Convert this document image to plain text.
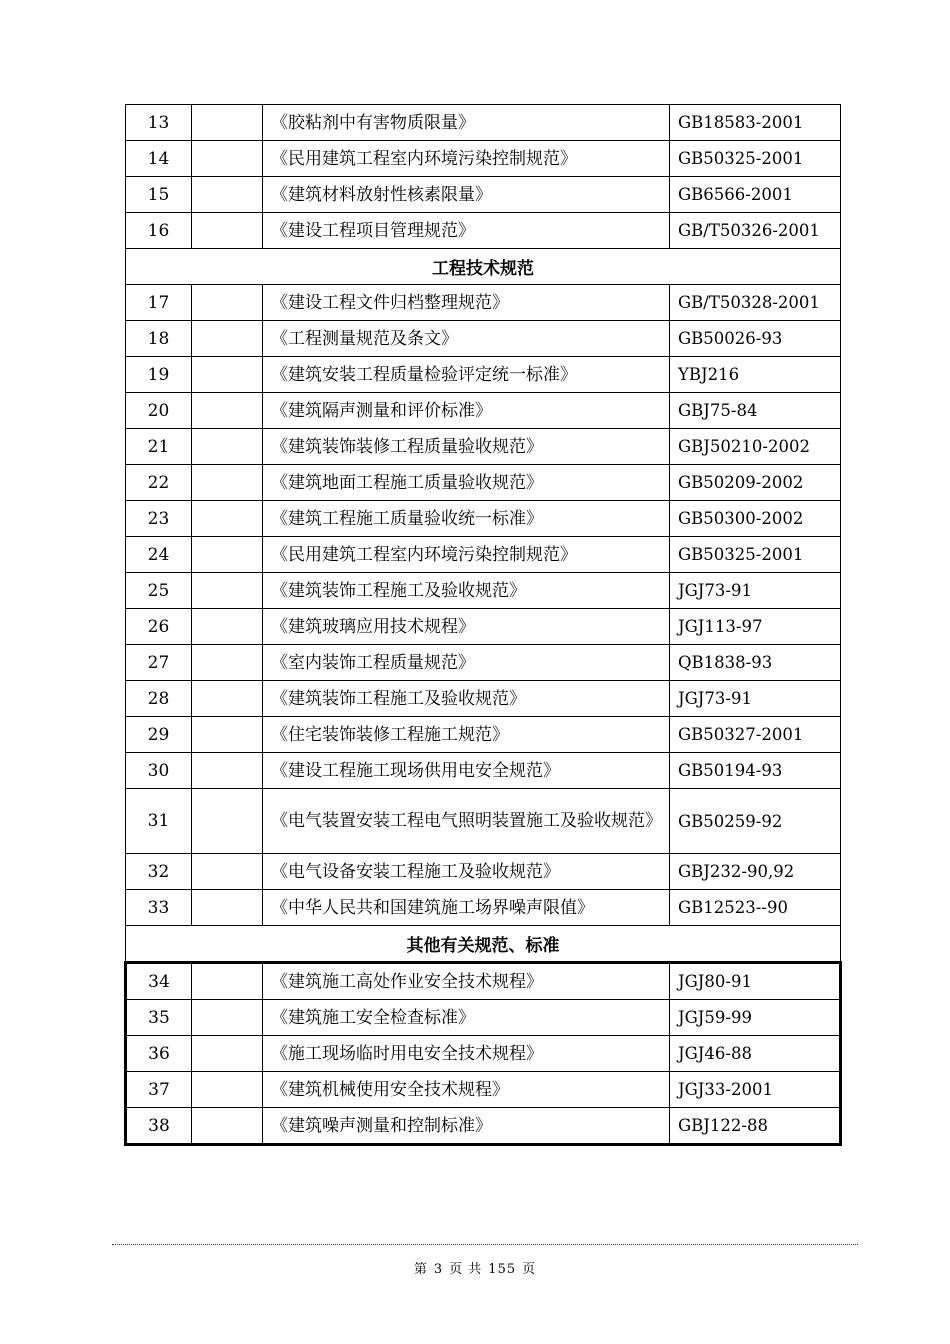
13		《胶粘剂中有害物质限量》	GB18583-2001
14		《民用建筑工程室内环境污染控制规范》	GB50325-2001
15		《建筑材料放射性核素限量》	GB6566-2001
16		《建设工程项目管理规范》	GB/T50326-2001
工程技术规范			
17		《建设工程文件归档整理规范》	GB/T50328-2001
18		《工程测量规范及条文》	GB50026-93
19		《建筑安装工程质量检验评定统一标准》	YBJ216
20		《建筑隔声测量和评价标准》	GBJ75-84
21		《建筑装饰装修工程质量验收规范》	GBJ50210-2002
22		《建筑地面工程施工质量验收规范》	GB50209-2002
23		《建筑工程施工质量验收统一标准》	GB50300-2002
24		《民用建筑工程室内环境污染控制规范》	GB50325-2001
25		《建筑装饰工程施工及验收规范》	JGJ73-91
26		《建筑玻璃应用技术规程》	JGJ113-97
27		《室内装饰工程质量规范》	QB1838-93
28		《建筑装饰工程施工及验收规范》	JGJ73-91
29		《住宅装饰装修工程施工规范》	GB50327-2001
30		《建设工程施工现场供用电安全规范》	GB50194-93
31		《电气装置安装工程电气照明装置施工及验收规范》	GB50259-92
32		《电气设备安装工程施工及验收规范》	GBJ232-90,92
33		《中华人民共和国建筑施工场界噪声限值》	GB12523--90
其他有关规范、标准			
34		《建筑施工高处作业安全技术规程》	JGJ80-91
35		《建筑施工安全检查标准》	JGJ59-99
36		《施工现场临时用电安全技术规程》	JGJ46-88
37		《建筑机械使用安全技术规程》	JGJ33-2001
38		《建筑噪声测量和控制标准》	GBJ122-88
第 3 页 共 155 页
